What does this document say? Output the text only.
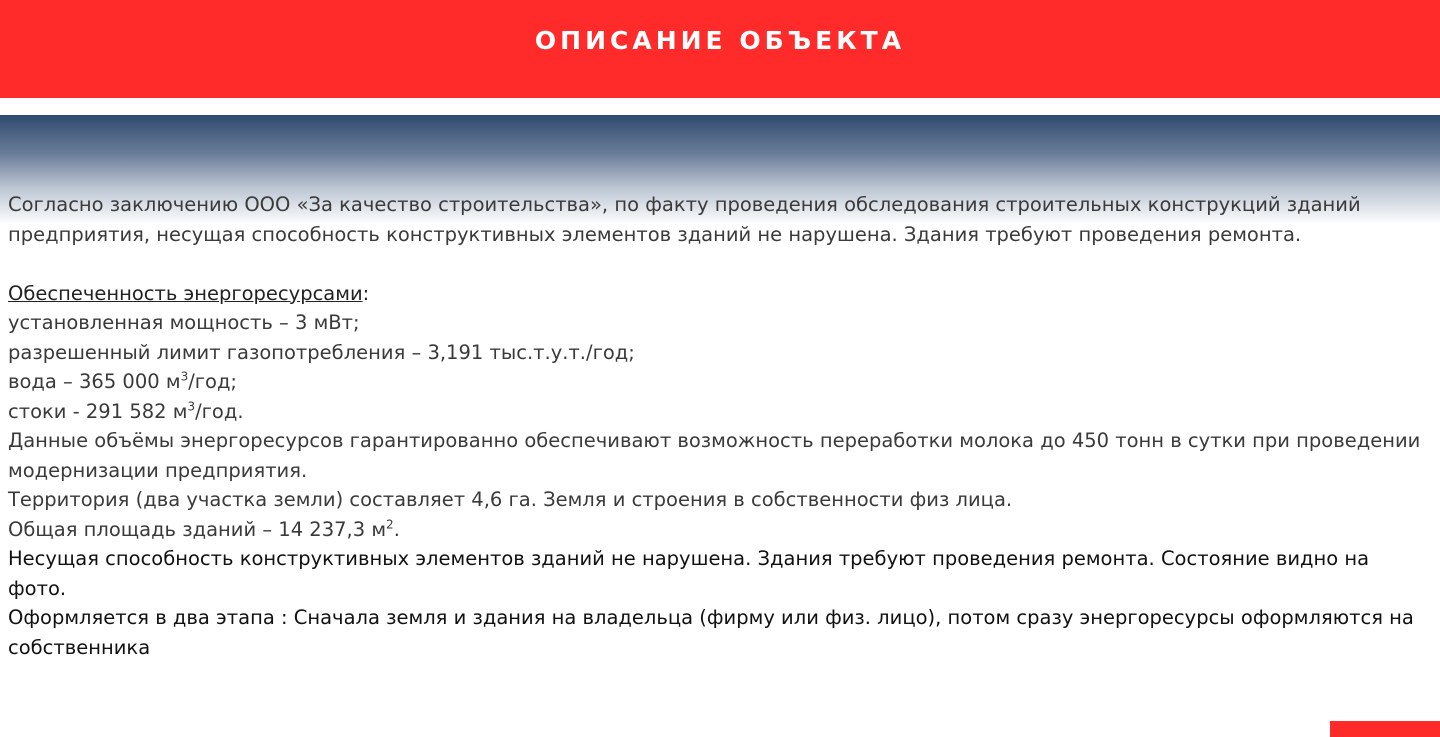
ОПИСАНИЕ ОБЪЕКТА

Согласно заключению ООО «За качество строительства», по факту проведения обследования строительных конструкций зданий предприятия, несущая способность конструктивных элементов зданий не нарушена. Здания требуют проведения ремонта.

Обеспеченность энергоресурсами:

установленная мощность – 3 мВт;

разрешенный лимит газопотребления – 3,191 тыс.т.у.т./год;

вода – 365 000 $м^3$/год;

стоки - 291 582 $м^3$/год.

Данные объёмы энергоресурсов гарантированно обеспечивают возможность переработки молока до 450 тонн в сутки при проведении модернизации предприятия.

Территория (два участка земли) составляет 4,6 га. Земля и строения в собственности физ лица.

Общая площадь зданий – 14 237,3 $м^2$.

Несущая способность конструктивных элементов зданий не нарушена. Здания требуют проведения ремонта. Состояние видно на фото.

Оформляется в два этапа : Сначала земля и здания на владельца (фирму или физ. лицо), потом сразу энергоресурсы оформляются на собственника
